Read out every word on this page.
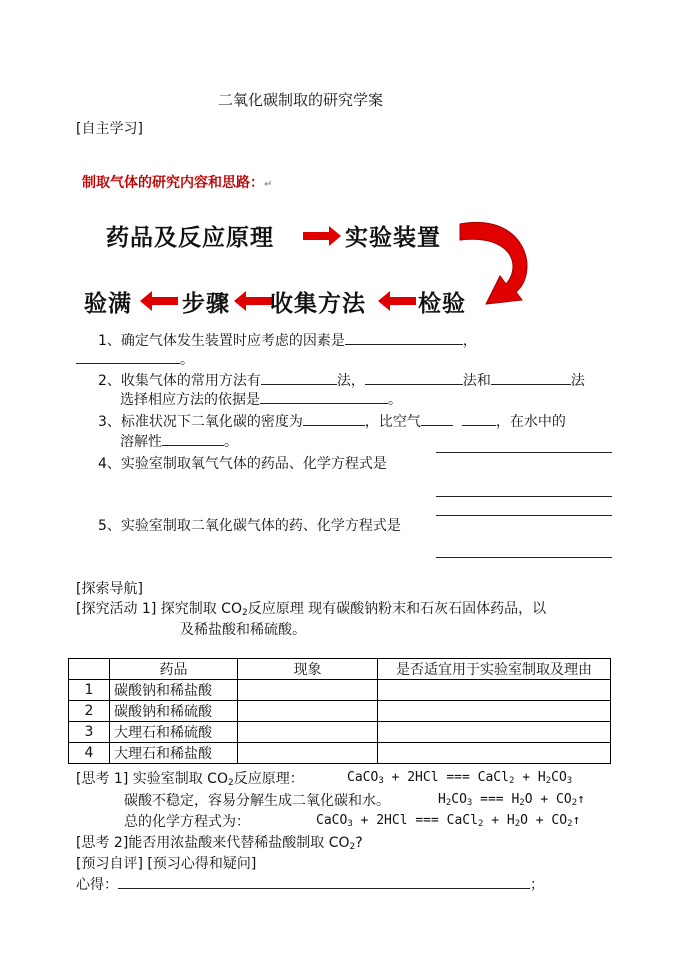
二氧化碳制取的研究学案
[自主学习]
制取气体的研究内容和思路：↵
药品及反应原理	实验装置
验满 步骤 收集方法 检验
1、确定气体发生装置时应考虑的因素是	，
。
2、收集气体的常用方法有	法，	法和	法
选择相应方法的依据是	。
3、标准状况下二氧化碳的密度为	，比空气	，在水中的
溶解性	。
4、实验室制取氧气气体的药品、化学方程式是
5、实验室制取二氧化碳气体的药、化学方程式是
[探索导航]
[探究活动 1] 探究制取 $CO_2$反应原理 现有碳酸钠粉末和石灰石固体药品，以
及稀盐酸和稀硫酸。
	药品	现象	是否适宜用于实验室制取及理由
1	碳酸钠和稀盐酸		
2	碳酸钠和稀硫酸		
3	大理石和稀硫酸		
4	大理石和稀盐酸		
[思考 1] 实验室制取 $CO_2$反应原理：	CaCO$_3$ + 2HCl === CaCl$_2$ + $H_2CO_3$
碳酸不稳定，容易分解生成二氧化碳和水。	$H_2CO_3$ === $H_2O$ + $CO_2↑$
总的化学方程式为：	CaCO$_3$ + 2HCl === CaCl$_2$ + $H_2O$ + $CO_2↑$
[思考 2]能否用浓盐酸来代替稀盐酸制取 $CO_2$?
[预习自评] [预习心得和疑问]
心得：	；
